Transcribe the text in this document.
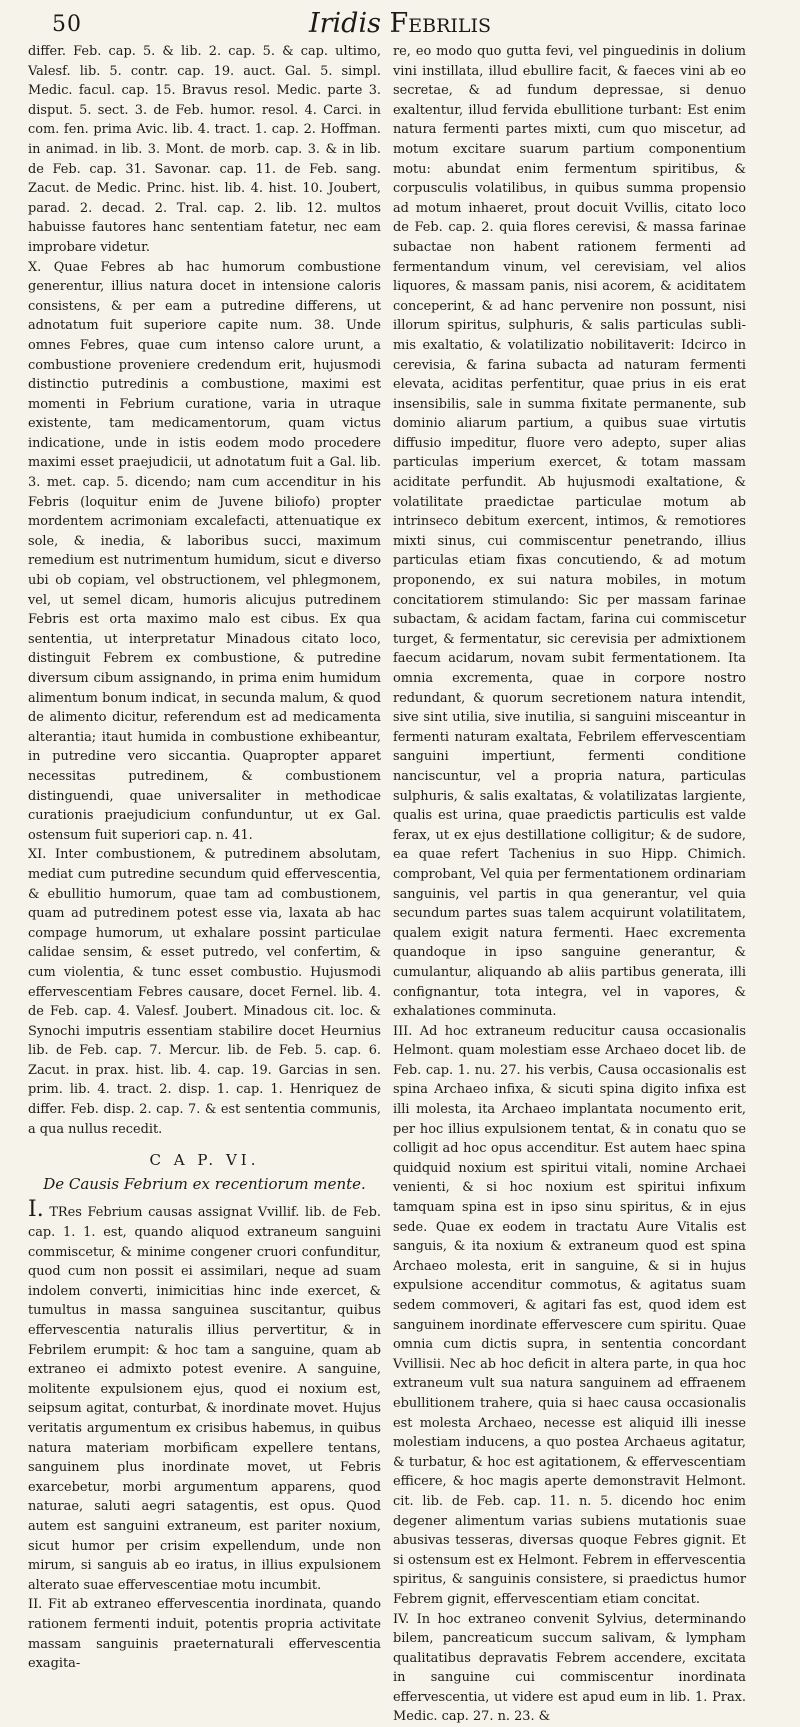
50	Iridis Febrilis

differ. Feb. cap. 5. & lib. 2. cap. 5. & cap. ultimo, Valesf. lib. 5. contr. cap. 19. auct. Gal. 5. simpl. Medic. facul. cap. 15. Bravus resol. Medic. parte 3. disput. 5. sect. 3. de Feb. humor. resol. 4. Carci. in com. fen. prima Avic. lib. 4. tract. 1. cap. 2. Hoffman. in animad. in lib. 3. Mont. de morb. cap. 3. & in lib. de Feb. cap. 31. Savonar. cap. 11. de Feb. sang. Zacut. de Medic. Princ. hist. lib. 4. hist. 10. Joubert, parad. 2. decad. 2. Tral. cap. 2. lib. 12. multos habuisse fautores hanc sententiam fatetur, nec eam improbare videtur.

X. Quae Febres ab hac humorum combustione generentur, illius natura docet in intensione caloris consistens, & per eam a putredine differens, ut adnotatum fuit superiore capite num. 38. Unde omnes Febres, quae cum intenso calore urunt, a combustione proveniere credendum erit, hujusmodi distinctio putredinis a combustione, maximi est momenti in Febrium curatione, varia in utraque existente, tam medicamentorum, quam victus indicatione, unde in istis eodem modo procedere maximi esset praejudicii, ut adnotatum fuit a Gal. lib. 3. met. cap. 5. dicendo; nam cum accenditur in his Febris (loquitur enim de Juvene biliofo) propter mordentem acrimoniam excalefacti, attenuatique ex sole, & inedia, & laboribus succi, maximum remedium est nutrimentum humidum, sicut e diverso ubi ob copiam, vel obstructionem, vel phlegmonem, vel, ut semel dicam, humoris alicujus putredinem Febris est orta maximo malo est cibus. Ex qua sententia, ut interpretatur Minadous citato loco, distinguit Febrem ex combustione, & putredine diversum cibum assignando, in prima enim humidum alimentum bonum indicat, in secunda malum, & quod de alimento dicitur, referendum est ad medicamenta alterantia; itaut humida in combustione exhibeantur, in putredine vero siccantia. Quapropter apparet necessitas putredinem, & combustionem distinguendi, quae universaliter in methodicae curationis praejudicium confunduntur, ut ex Gal. ostensum fuit superiori cap. n. 41.

XI. Inter combustionem, & putredinem absolutam, mediat cum putredine secundum quid effervescentia, & ebullitio humorum, quae tam ad combustionem, quam ad putredinem potest esse via, laxata ab hac compage humorum, ut exhalare possint particulae calidae sensim, & esset putredo, vel confertim, & cum violentia, & tunc esset combustio. Hujusmodi effervescentiam Febres causare, docet Fernel. lib. 4. de Feb. cap. 4. Valesf. Joubert. Minadous cit. loc. & Synochi imputris essentiam stabilire docet Heurnius lib. de Feb. cap. 7. Mercur. lib. de Feb. 5. cap. 6. Zacut. in prax. hist. lib. 4. cap. 19. Garcias in sen. prim. lib. 4. tract. 2. disp. 1. cap. 1. Henriquez de differ. Feb. disp. 2. cap. 7. & est sententia communis, a qua nullus recedit.

C A P. VI.
De Causis Febrium ex recentiorum mente.

I. TRes Febrium causas assignat Vvillif. lib. de Feb. cap. 1. 1. est, quando aliquod extraneum sanguini commiscetur, & minime congener cruori confunditur, quod cum non possit ei assimilari, neque ad suam indolem converti, inimicitias hinc inde exercet, & tumultus in massa sanguinea suscitantur, quibus effervescentia naturalis illius pervertitur, & in Febrilem erumpit: & hoc tam a sanguine, quam ab extraneo ei admixto potest evenire. A sanguine, molitente expulsionem ejus, quod ei noxium est, seipsum agitat, conturbat, & inordinate movet. Hujus veritatis argumentum ex crisibus habemus, in quibus natura materiam morbificam expellere tentans, sanguinem plus inordinate movet, ut Febris exarcebetur, morbi argumentum apparens, quod naturae, saluti aegri satagentis, est opus. Quod autem est sanguini extraneum, est pariter noxium, sicut humor per crisim expellendum, unde non mirum, si sanguis ab eo iratus, in illius expulsionem alterato suae effervescentiae motu incumbit.

II. Fit ab extraneo effervescentia inordinata, quando rationem fermenti induit, potentis propria activitate massam sanguinis praeternaturali effervescentia exagita-

re, eo modo quo gutta fevi, vel pinguedinis in dolium vini instillata, illud ebullire facit, & faeces vini ab eo secretae, & ad fundum depressae, si denuo exaltentur, illud fervida ebullitione turbant: Est enim natura fermenti partes mixti, cum quo miscetur, ad motum excitare suarum partium componentium motu: abundat enim fermentum spiritibus, & corpusculis volatilibus, in quibus summa propensio ad motum inhaeret, prout docuit Vvillis, citato loco de Feb. cap. 2. quia flores cerevisi, & massa farinae subactae non habent rationem fermenti ad fermentandum vinum, vel cerevisiam, vel alios liquores, & massam panis, nisi acorem, & aciditatem conceperint, & ad hanc pervenire non possunt, nisi illorum spiritus, sulphuris, & salis particulas subli-mis exaltatio, & volatilizatio nobilitaverit: Idcirco in cerevisia, & farina subacta ad naturam fermenti elevata, aciditas perfentitur, quae prius in eis erat insensibilis, sale in summa fixitate permanente, sub dominio aliarum partium, a quibus suae virtutis diffusio impeditur, fluore vero adepto, super alias particulas imperium exercet, & totam massam aciditate perfundit. Ab hujusmodi exaltatione, & volatilitate praedictae particulae motum ab intrinseco debitum exercent, intimos, & remotiores mixti sinus, cui commiscentur penetrando, illius particulas etiam fixas concutiendo, & ad motum proponendo, ex sui natura mobiles, in motum concitatiorem stimulando: Sic per massam farinae subactam, & acidam factam, farina cui commiscetur turget, & fermentatur, sic cerevisia per admixtionem faecum acidarum, novam subit fermentationem. Ita omnia excrementa, quae in corpore nostro redundant, & quorum secretionem natura intendit, sive sint utilia, sive inutilia, si sanguini misceantur in fermenti naturam exaltata, Febrilem effervescentiam sanguini impertiunt, fermenti conditione nanciscuntur, vel a propria natura, particulas sulphuris, & salis exaltatas, & volatilizatas largiente, qualis est urina, quae praedictis particulis est valde ferax, ut ex ejus destillatione colligitur; & de sudore, ea quae refert Tachenius in suo Hipp. Chimich. comprobant, Vel quia per fermentationem ordinariam sanguinis, vel partis in qua generantur, vel quia secundum partes suas talem acquirunt volatilitatem, qualem exigit natura fermenti. Haec excrementa quandoque in ipso sanguine generantur, & cumulantur, aliquando ab aliis partibus generata, illi confignantur, tota integra, vel in vapores, & exhalationes comminuta.

III. Ad hoc extraneum reducitur causa occasionalis Helmont. quam molestiam esse Archaeo docet lib. de Feb. cap. 1. nu. 27. his verbis, Causa occasionalis est spina Archaeo infixa, & sicuti spina digito infixa est illi molesta, ita Archaeo implantata nocumento erit, per hoc illius expulsionem tentat, & in conatu quo se colligit ad hoc opus accenditur. Est autem haec spina quidquid noxium est spiritui vitali, nomine Archaei venienti, & si hoc noxium est spiritui infixum tamquam spina est in ipso sinu spiritus, & in ejus sede. Quae ex eodem in tractatu Aure Vitalis est sanguis, & ita noxium & extraneum quod est spina Archaeo molesta, erit in sanguine, & si in hujus expulsione accenditur commotus, & agitatus suam sedem commoveri, & agitari fas est, quod idem est sanguinem inordinate effervescere cum spiritu. Quae omnia cum dictis supra, in sententia concordant Vvillisii. Nec ab hoc deficit in altera parte, in qua hoc extraneum vult sua natura sanguinem ad effraenem ebullitionem trahere, quia si haec causa occasionalis est molesta Archaeo, necesse est aliquid illi inesse molestiam inducens, a quo postea Archaeus agitatur, & turbatur, & hoc est agitationem, & effervescentiam efficere, & hoc magis aperte demonstravit Helmont. cit. lib. de Feb. cap. 11. n. 5. dicendo hoc enim degener alimentum varias subiens mutationis suae abusivas tesseras, diversas quoque Febres gignit. Et si ostensum est ex Helmont. Febrem in effervescentia spiritus, & sanguinis consistere, si praedictus humor Febrem gignit, effervescentiam etiam concitat.

IV. In hoc extraneo convenit Sylvius, determinando bilem, pancreaticum succum salivam, & lympham qualitatibus depravatis Febrem accendere, excitata in sanguine cui commiscentur inordinata effervescentia, ut videre est apud eum in lib. 1. Prax. Medic. cap. 27. n. 23. &
